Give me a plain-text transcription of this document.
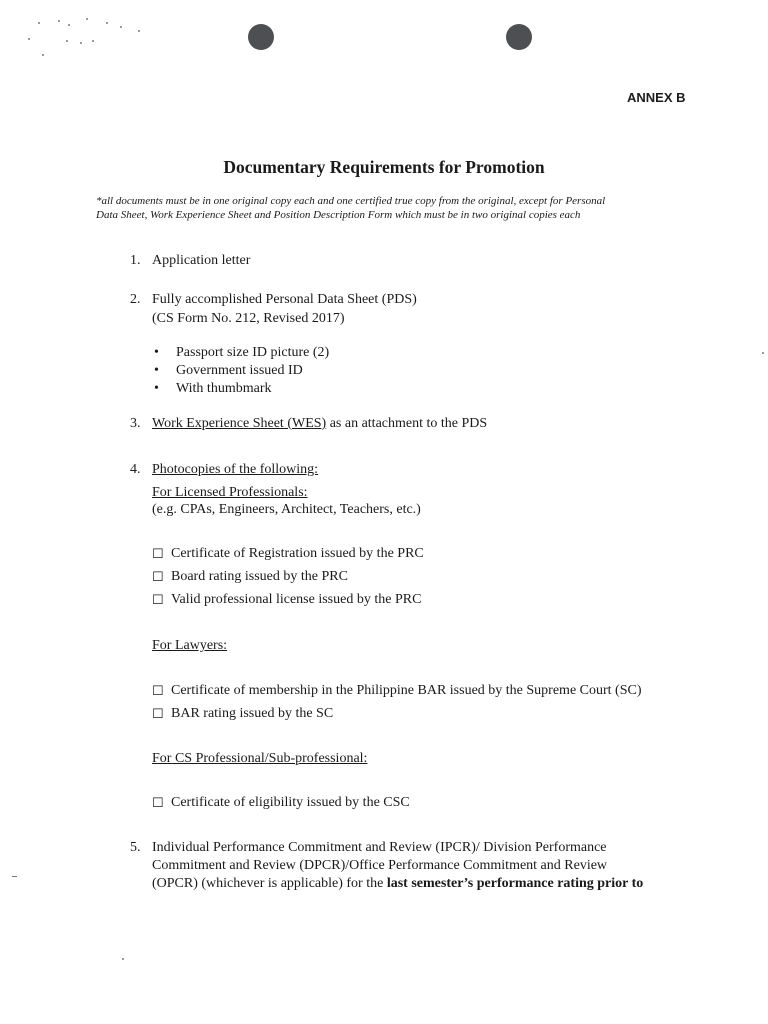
ANNEX B
Documentary Requirements for Promotion
*all documents must be in one original copy each and one certified true copy from the original, except for Personal
Data Sheet, Work Experience Sheet and Position Description Form which must be in two original copies each
1. Application letter
2. Fully accomplished Personal Data Sheet (PDS)
(CS Form No. 212, Revised 2017)
• Passport size ID picture (2)
• Government issued ID
• With thumbmark
3. Work Experience Sheet (WES) as an attachment to the PDS
4. Photocopies of the following:
For Licensed Professionals:
(e.g. CPAs, Engineers, Architect, Teachers, etc.)
☐ Certificate of Registration issued by the PRC
☐ Board rating issued by the PRC
☐ Valid professional license issued by the PRC
For Lawyers:
☐ Certificate of membership in the Philippine BAR issued by the Supreme Court (SC)
☐ BAR rating issued by the SC
For CS Professional/Sub-professional:
☐ Certificate of eligibility issued by the CSC
5. Individual Performance Commitment and Review (IPCR)/ Division Performance
Commitment and Review (DPCR)/Office Performance Commitment and Review
(OPCR) (whichever is applicable) for the last semester’s performance rating prior to
